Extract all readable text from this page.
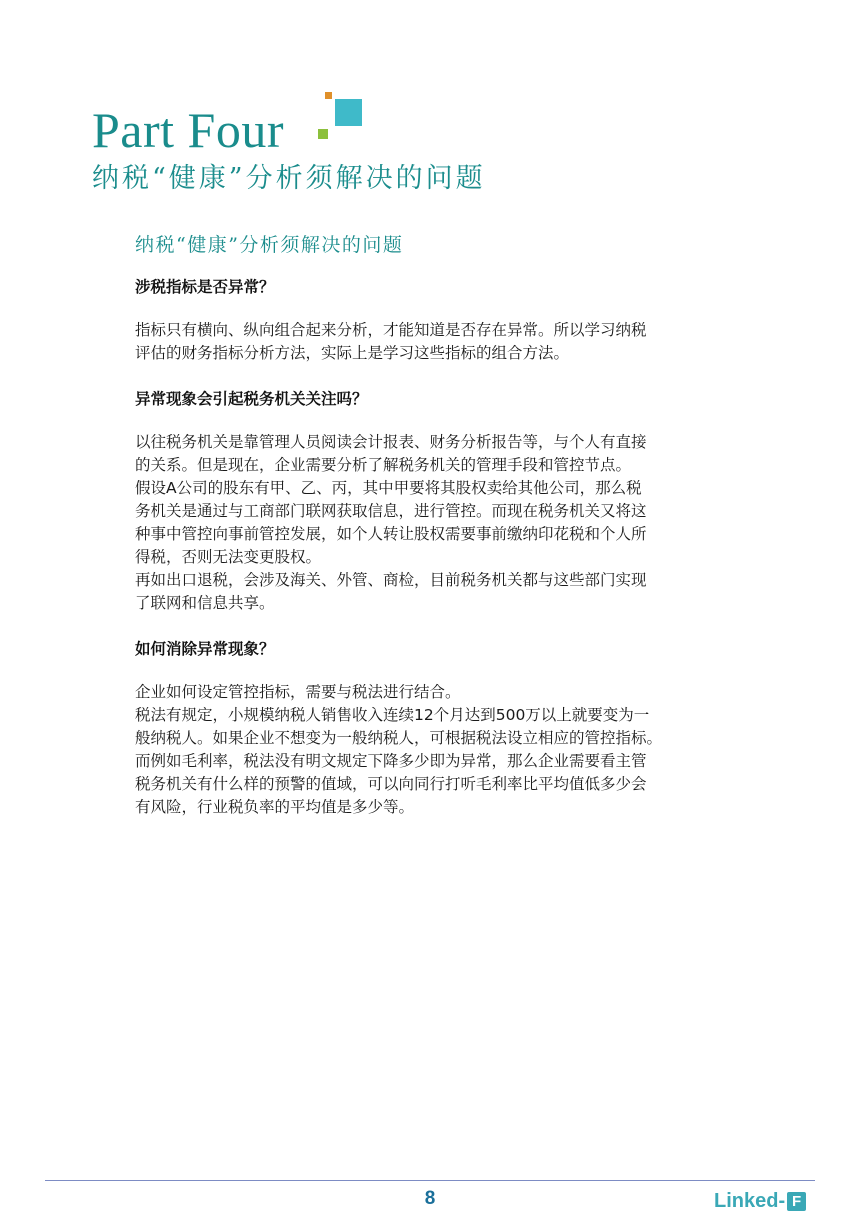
Part Four
纳税“健康”分析须解决的问题

纳税“健康”分析须解决的问题

涉税指标是否异常？

指标只有横向、纵向组合起来分析，才能知道是否存在异常。所以学习纳税

评估的财务指标分析方法，实际上是学习这些指标的组合方法。

异常现象会引起税务机关关注吗？

以往税务机关是靠管理人员阅读会计报表、财务分析报告等，与个人有直接

的关系。但是现在，企业需要分析了解税务机关的管理手段和管控节点。

假设A公司的股东有甲、乙、丙，其中甲要将其股权卖给其他公司，那么税

务机关是通过与工商部门联网获取信息，进行管控。而现在税务机关又将这

种事中管控向事前管控发展，如个人转让股权需要事前缴纳印花税和个人所

得税，否则无法变更股权。

再如出口退税，会涉及海关、外管、商检，目前税务机关都与这些部门实现

了联网和信息共享。

如何消除异常现象？

企业如何设定管控指标，需要与税法进行结合。

税法有规定，小规模纳税人销售收入连续12个月达到500万以上就要变为一

般纳税人。如果企业不想变为一般纳税人，可根据税法设立相应的管控指标。

而例如毛利率，税法没有明文规定下降多少即为异常，那么企业需要看主管

税务机关有什么样的预警的值域，可以向同行打听毛利率比平均值低多少会

有风险，行业税负率的平均值是多少等。

8	Linked- F
